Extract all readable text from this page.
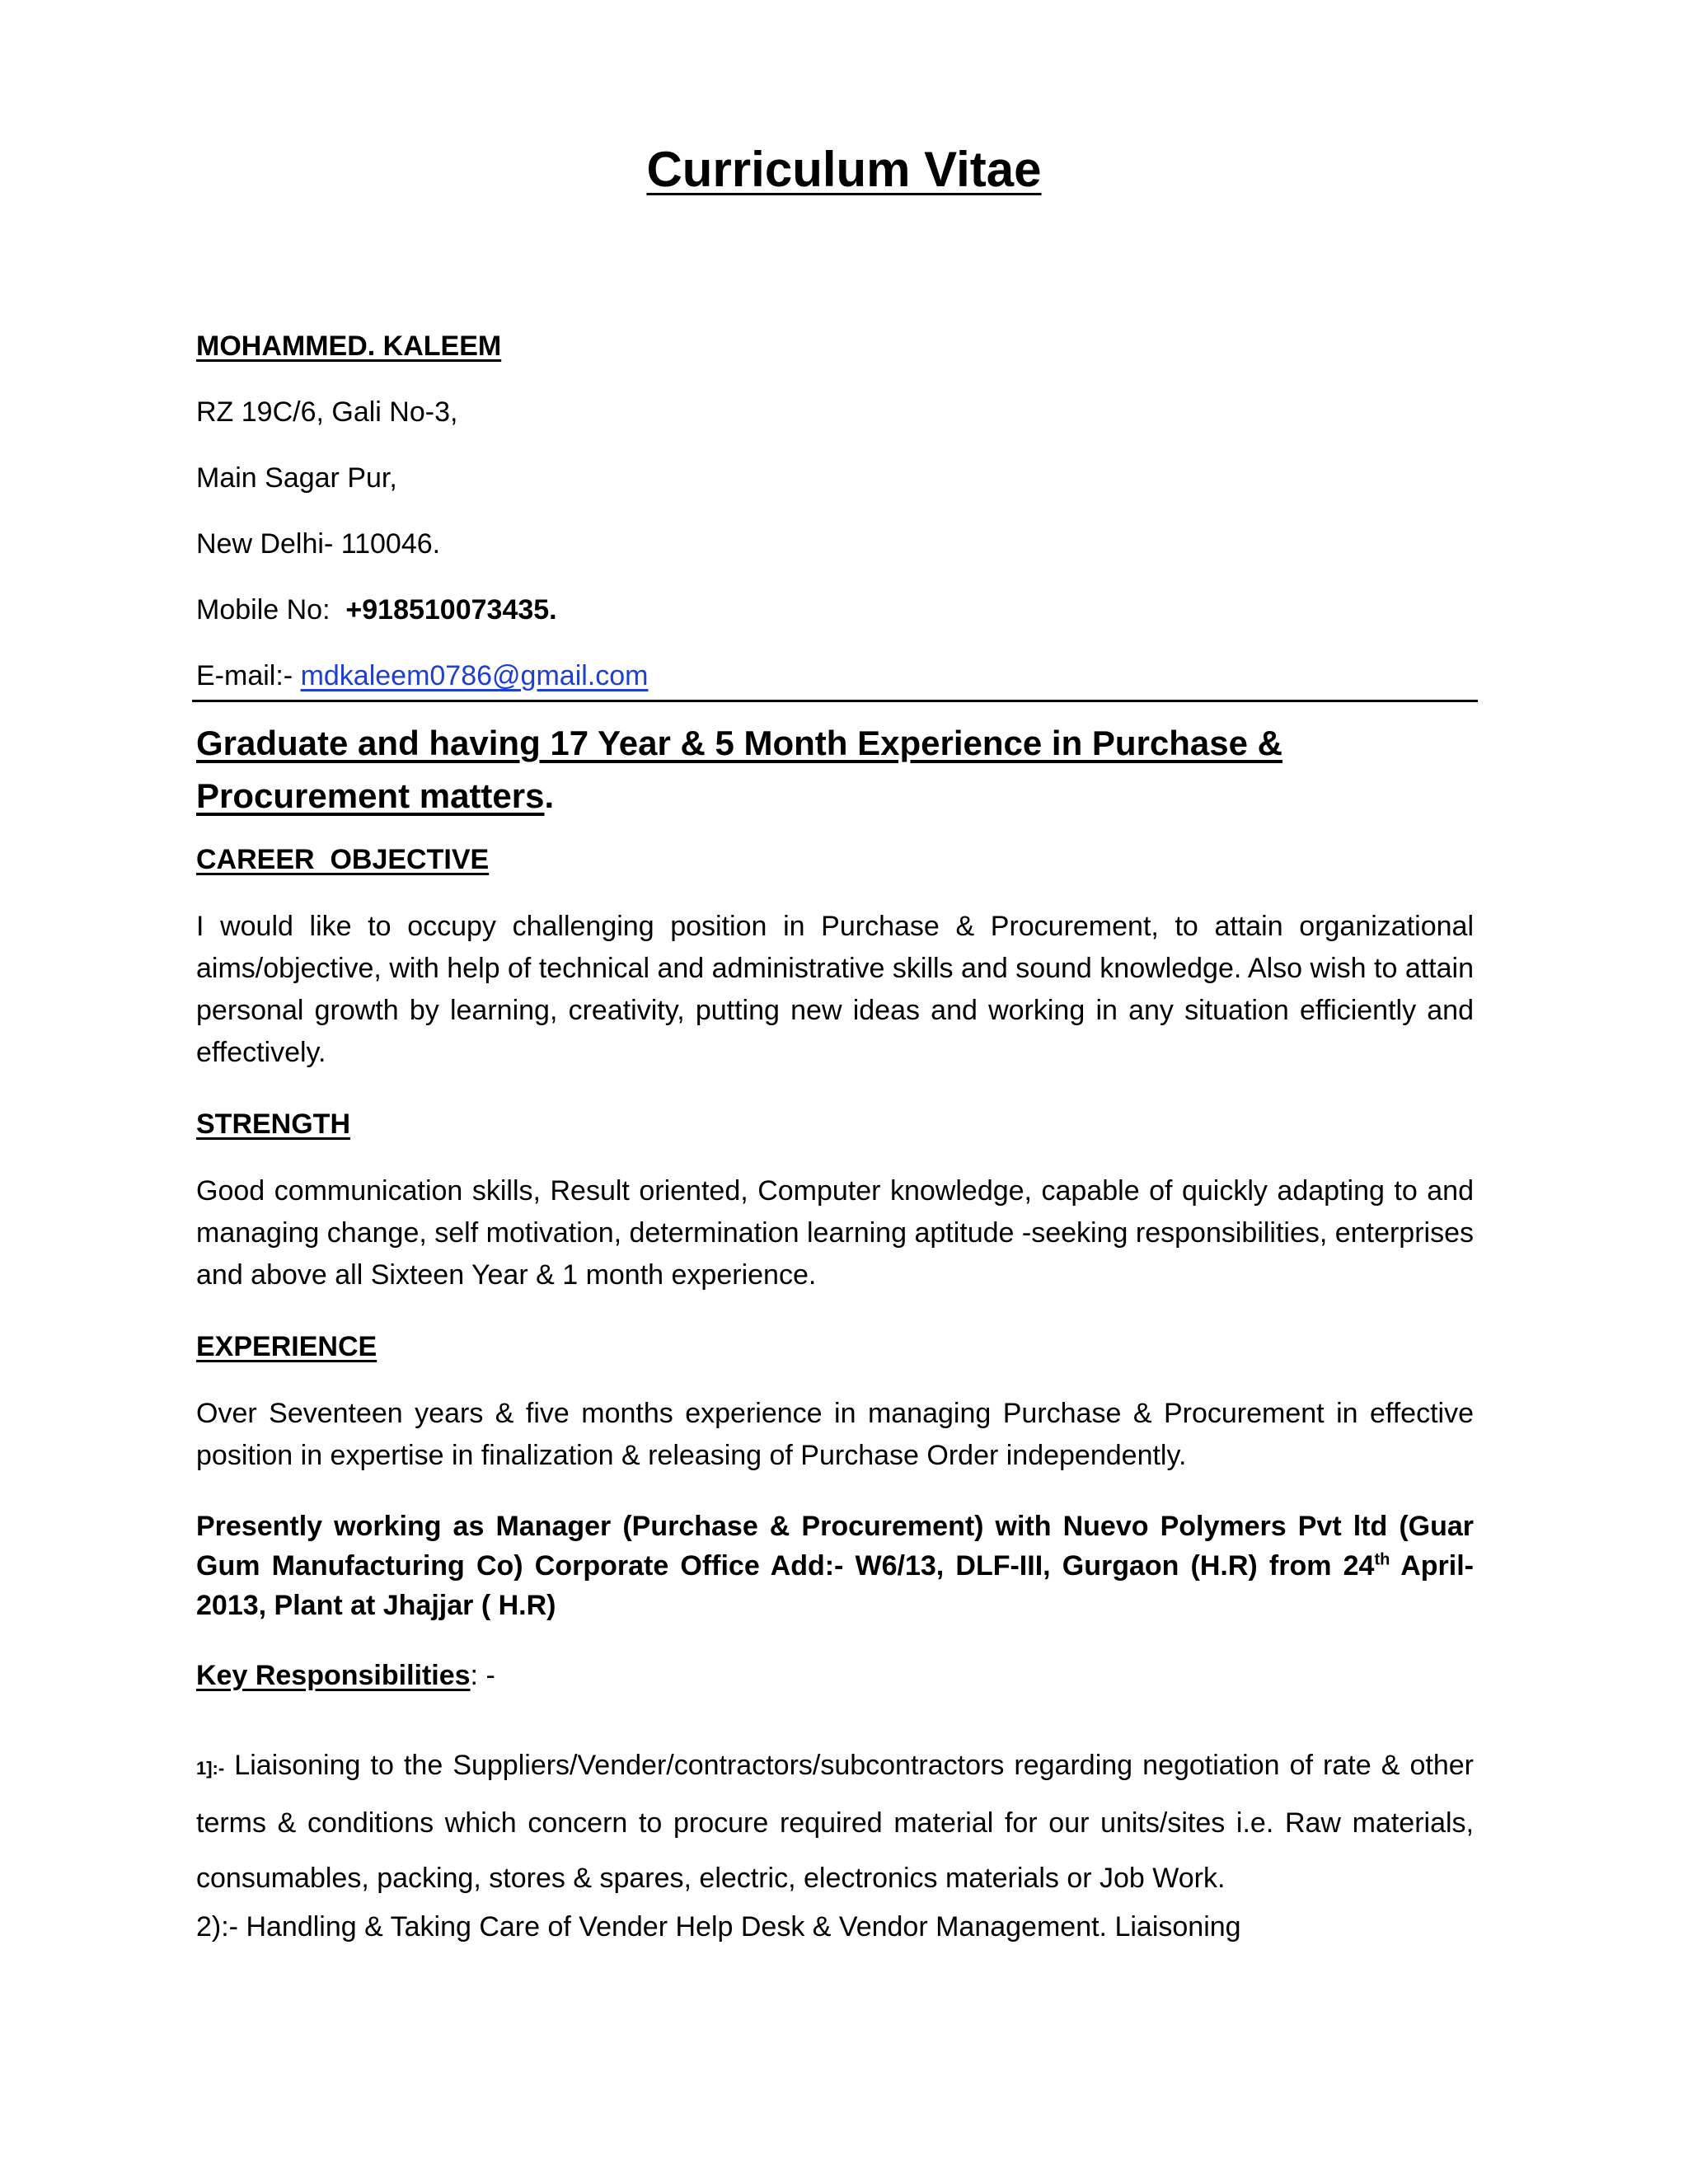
Curriculum Vitae

MOHAMMED. KALEEM

RZ 19C/6, Gali No-3,

Main Sagar Pur,

New Delhi- 110046.

Mobile No:  +918510073435.

E-mail:- mdkaleem0786@gmail.com

Graduate and having 17 Year & 5 Month Experience in Purchase & Procurement matters.

CAREER  OBJECTIVE

I would like to occupy challenging position in Purchase & Procurement, to attain organizational aims/objective, with help of technical and administrative skills and sound knowledge. Also wish to attain personal growth by learning, creativity, putting new ideas and working in any situation efficiently and effectively.

STRENGTH

Good communication skills, Result oriented, Computer knowledge, capable of quickly adapting to and managing change, self motivation, determination learning aptitude -seeking responsibilities, enterprises and above all Sixteen Year & 1 month experience.

EXPERIENCE

Over Seventeen years & five months experience in managing Purchase & Procurement in effective position in expertise in finalization & releasing of Purchase Order independently.

Presently working as Manager (Purchase & Procurement) with Nuevo Polymers Pvt ltd (Guar Gum Manufacturing Co) Corporate Office Add:- W6/13, DLF-III, Gurgaon (H.R) from 24th April-2013, Plant at Jhajjar ( H.R)

Key Responsibilities: -

1]:- Liaisoning to the Suppliers/Vender/contractors/subcontractors regarding negotiation of rate & other terms & conditions which concern to procure required material for our units/sites i.e. Raw materials, consumables, packing, stores & spares, electric, electronics materials or Job Work.

2):- Handling & Taking Care of Vender Help Desk & Vendor Management. Liaisoning
